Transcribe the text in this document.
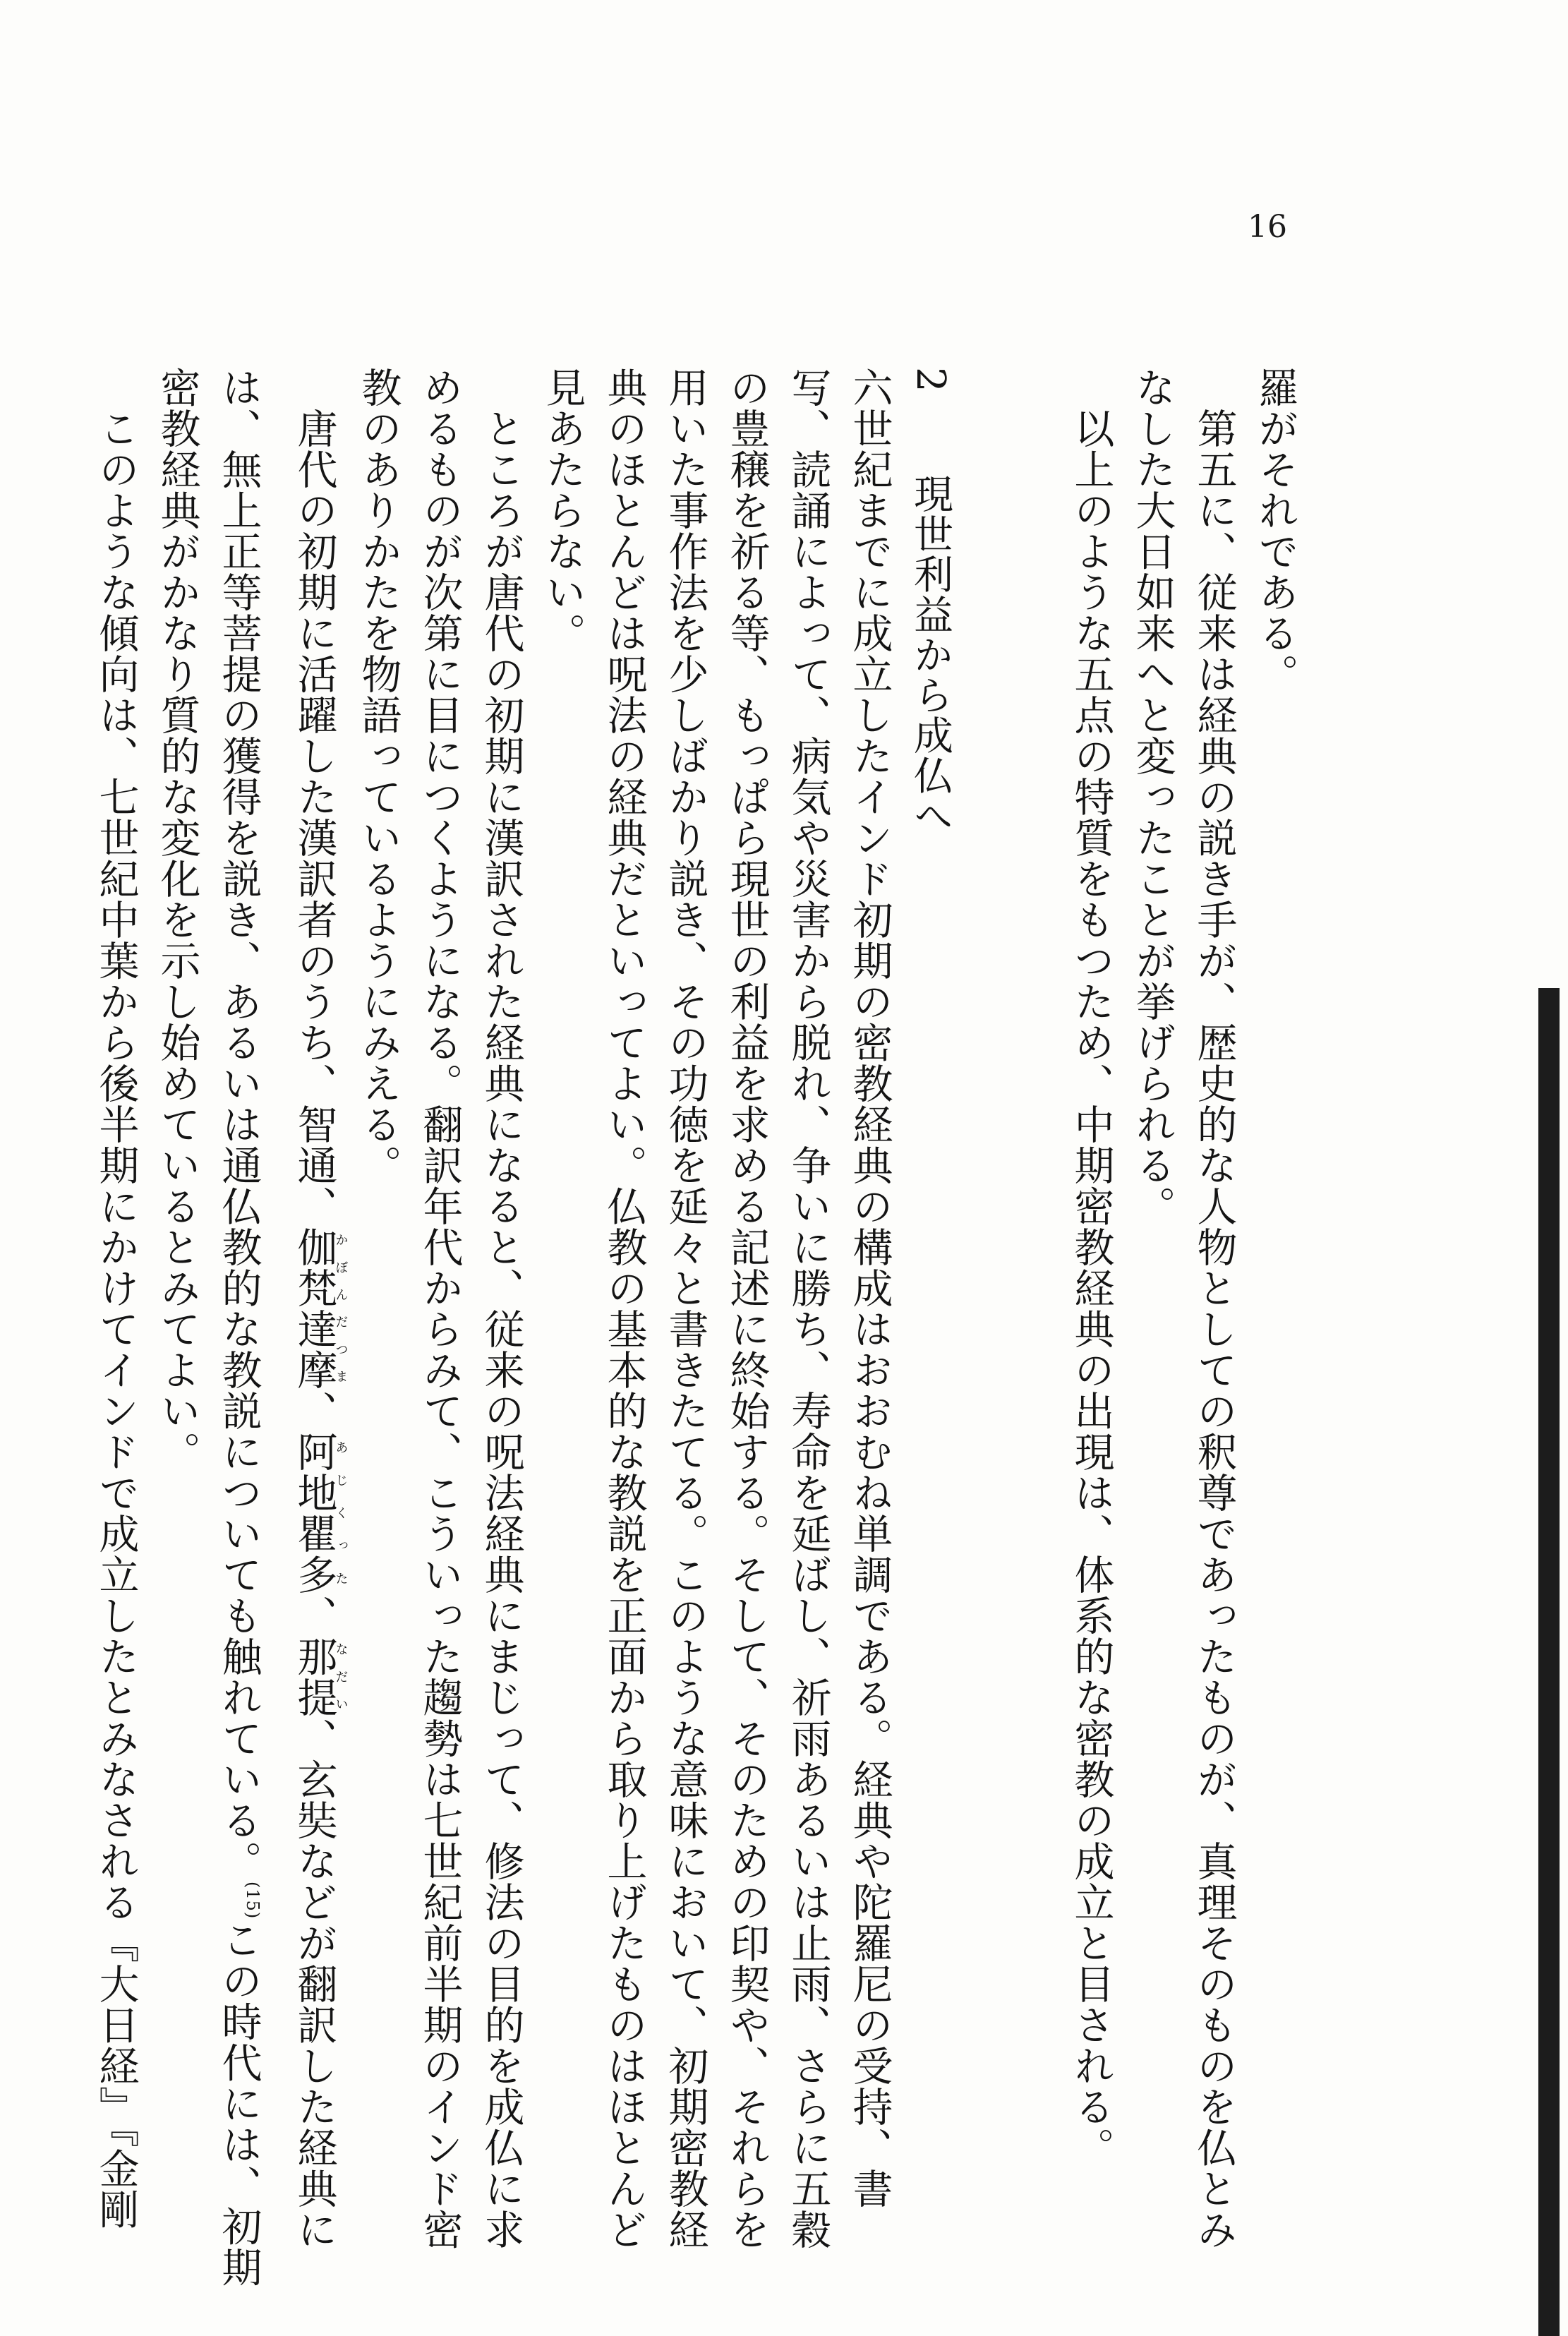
16

羅がそれである。

　第五に、従来は経典の説き手が、歴史的な人物としての釈尊であったものが、真理そのものを仏とみ

なした大日如来へと変ったことが挙げられる。

　以上のような五点の特質をもつため、中期密教経典の出現は、体系的な密教の成立と目される。

2　　現世利益から成仏へ

六世紀までに成立したインド初期の密教経典の構成はおおむね単調である。経典や陀羅尼の受持、書

写、読誦によって、病気や災害から脱れ、争いに勝ち、寿命を延ばし、祈雨あるいは止雨、さらに五穀

の豊穣を祈る等、もっぱら現世の利益を求める記述に終始する。そして、そのための印契や、それらを

用いた事作法を少しばかり説き、その功徳を延々と書きたてる。このような意味において、初期密教経

典のほとんどは呪法の経典だといってよい。仏教の基本的な教説を正面から取り上げたものはほとんど

見あたらない。

　ところが唐代の初期に漢訳された経典になると、従来の呪法経典にまじって、修法の目的を成仏に求

めるものが次第に目につくようになる。翻訳年代からみて、こういった趨勢は七世紀前半期のインド密

教のありかたを物語っているようにみえる。

　唐代の初期に活躍した漢訳者のうち、智通、伽梵達摩かぼんだつま、阿地瞿多あじくった、那提なだい、玄奘などが翻訳した経典に

は、無上正等菩提の獲得を説き、あるいは通仏教的な教説についても触れている。$^{(15)}$この時代には、初期

密教経典がかなり質的な変化を示し始めているとみてよい。

　このような傾向は、七世紀中葉から後半期にかけてインドで成立したとみなされる『大日経』『金剛
